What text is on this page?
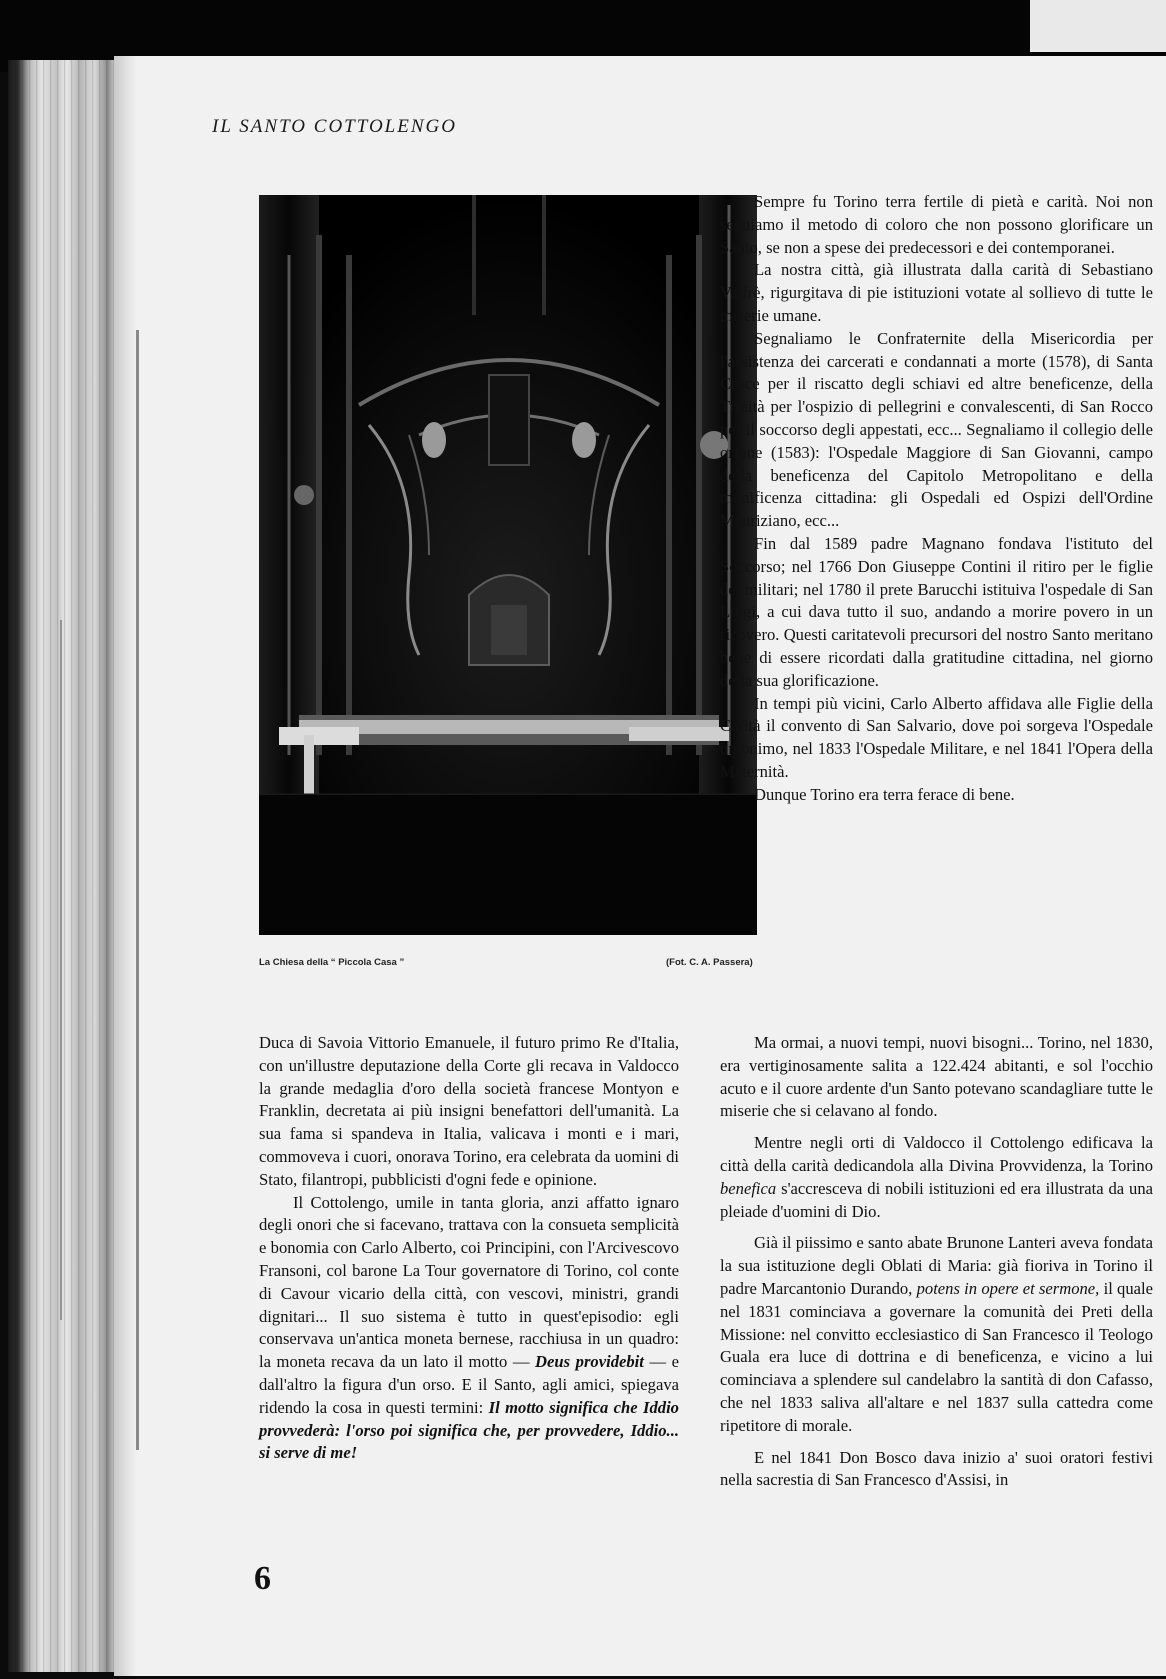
IL SANTO COTTOLENGO
La Chiesa della “ Piccola Casa ”	(Fot. C. A. Passera)

Duca di Savoia Vittorio Emanuele, il futuro primo Re d'Italia, con un'illustre deputazione della Corte gli recava in Valdocco la grande medaglia d'oro della società francese Montyon e Franklin, decretata ai più insigni benefattori dell'umanità. La sua fama si spandeva in Italia, valicava i monti e i mari, commoveva i cuori, onorava Torino, era celebrata da uomini di Stato, filantropi, pubblicisti d'ogni fede e opinione.

Il Cottolengo, umile in tanta gloria, anzi affatto ignaro degli onori che si facevano, trattava con la consueta semplicità e bonomia con Carlo Alberto, coi Principini, con l'Arcivescovo Fransoni, col barone La Tour governatore di Torino, col conte di Cavour vicario della città, con vescovi, ministri, grandi dignitari... Il suo sistema è tutto in quest'episodio: egli conservava un'antica moneta bernese, racchiusa in un quadro: la moneta recava da un lato il motto — Deus providebit — e dall'altro la figura d'un orso. E il Santo, agli amici, spiegava ridendo la cosa in questi termini: Il motto significa che Iddio provvederà: l'orso poi significa che, per provvedere, Iddio... si serve di me!

Sempre fu Torino terra fertile di pietà e carità. Noi non seguiamo il metodo di coloro che non possono glorificare un Santo, se non a spese dei predecessori e dei contemporanei.

La nostra città, già illustrata dalla carità di Sebastiano Valfrè, rigurgitava di pie istituzioni votate al sollievo di tutte le miserie umane.

Segnaliamo le Confraternite della Misericordia per l'assistenza dei carcerati e condannati a morte (1578), di Santa Croce per il riscatto degli schiavi ed altre beneficenze, della Trinità per l'ospizio di pellegrini e convalescenti, di San Rocco per il soccorso degli appestati, ecc... Segnaliamo il collegio delle orfane (1583): l'Ospedale Maggiore di San Giovanni, campo della beneficenza del Capitolo Metropolitano e della munificenza cittadina: gli Ospedali ed Ospizi dell'Ordine Mauriziano, ecc...

Fin dal 1589 padre Magnano fondava l'istituto del Soccorso; nel 1766 Don Giuseppe Contini il ritiro per le figlie dei militari; nel 1780 il prete Barucchi istituiva l'ospedale di San Luigi, a cui dava tutto il suo, andando a morire povero in un ricovero. Questi caritatevoli precursori del nostro Santo meritano bene di essere ricordati dalla gratitudine cittadina, nel giorno della sua glorificazione.

In tempi più vicini, Carlo Alberto affidava alle Figlie della Carità il convento di San Salvario, dove poi sorgeva l'Ospedale omonimo, nel 1833 l'Ospedale Militare, e nel 1841 l'Opera della Maternità.

Dunque Torino era terra ferace di bene.

Ma ormai, a nuovi tempi, nuovi bisogni... Torino, nel 1830, era vertiginosamente salita a 122.424 abitanti, e sol l'occhio acuto e il cuore ardente d'un Santo potevano scandagliare tutte le miserie che si celavano al fondo.

Mentre negli orti di Valdocco il Cottolengo edificava la città della carità dedicandola alla Divina Provvidenza, la Torino benefica s'accresceva di nobili istituzioni ed era illustrata da una pleiade d'uomini di Dio.

Già il piissimo e santo abate Brunone Lanteri aveva fondata la sua istituzione degli Oblati di Maria: già fioriva in Torino il padre Marcantonio Durando, potens in opere et sermone, il quale nel 1831 cominciava a governare la comunità dei Preti della Missione: nel convitto ecclesiastico di San Francesco il Teologo Guala era luce di dottrina e di beneficenza, e vicino a lui cominciava a splendere sul candelabro la santità di don Cafasso, che nel 1833 saliva all'altare e nel 1837 sulla cattedra come ripetitore di morale.

E nel 1841 Don Bosco dava inizio a' suoi oratori festivi nella sacrestia di San Francesco d'Assisi, in

6
